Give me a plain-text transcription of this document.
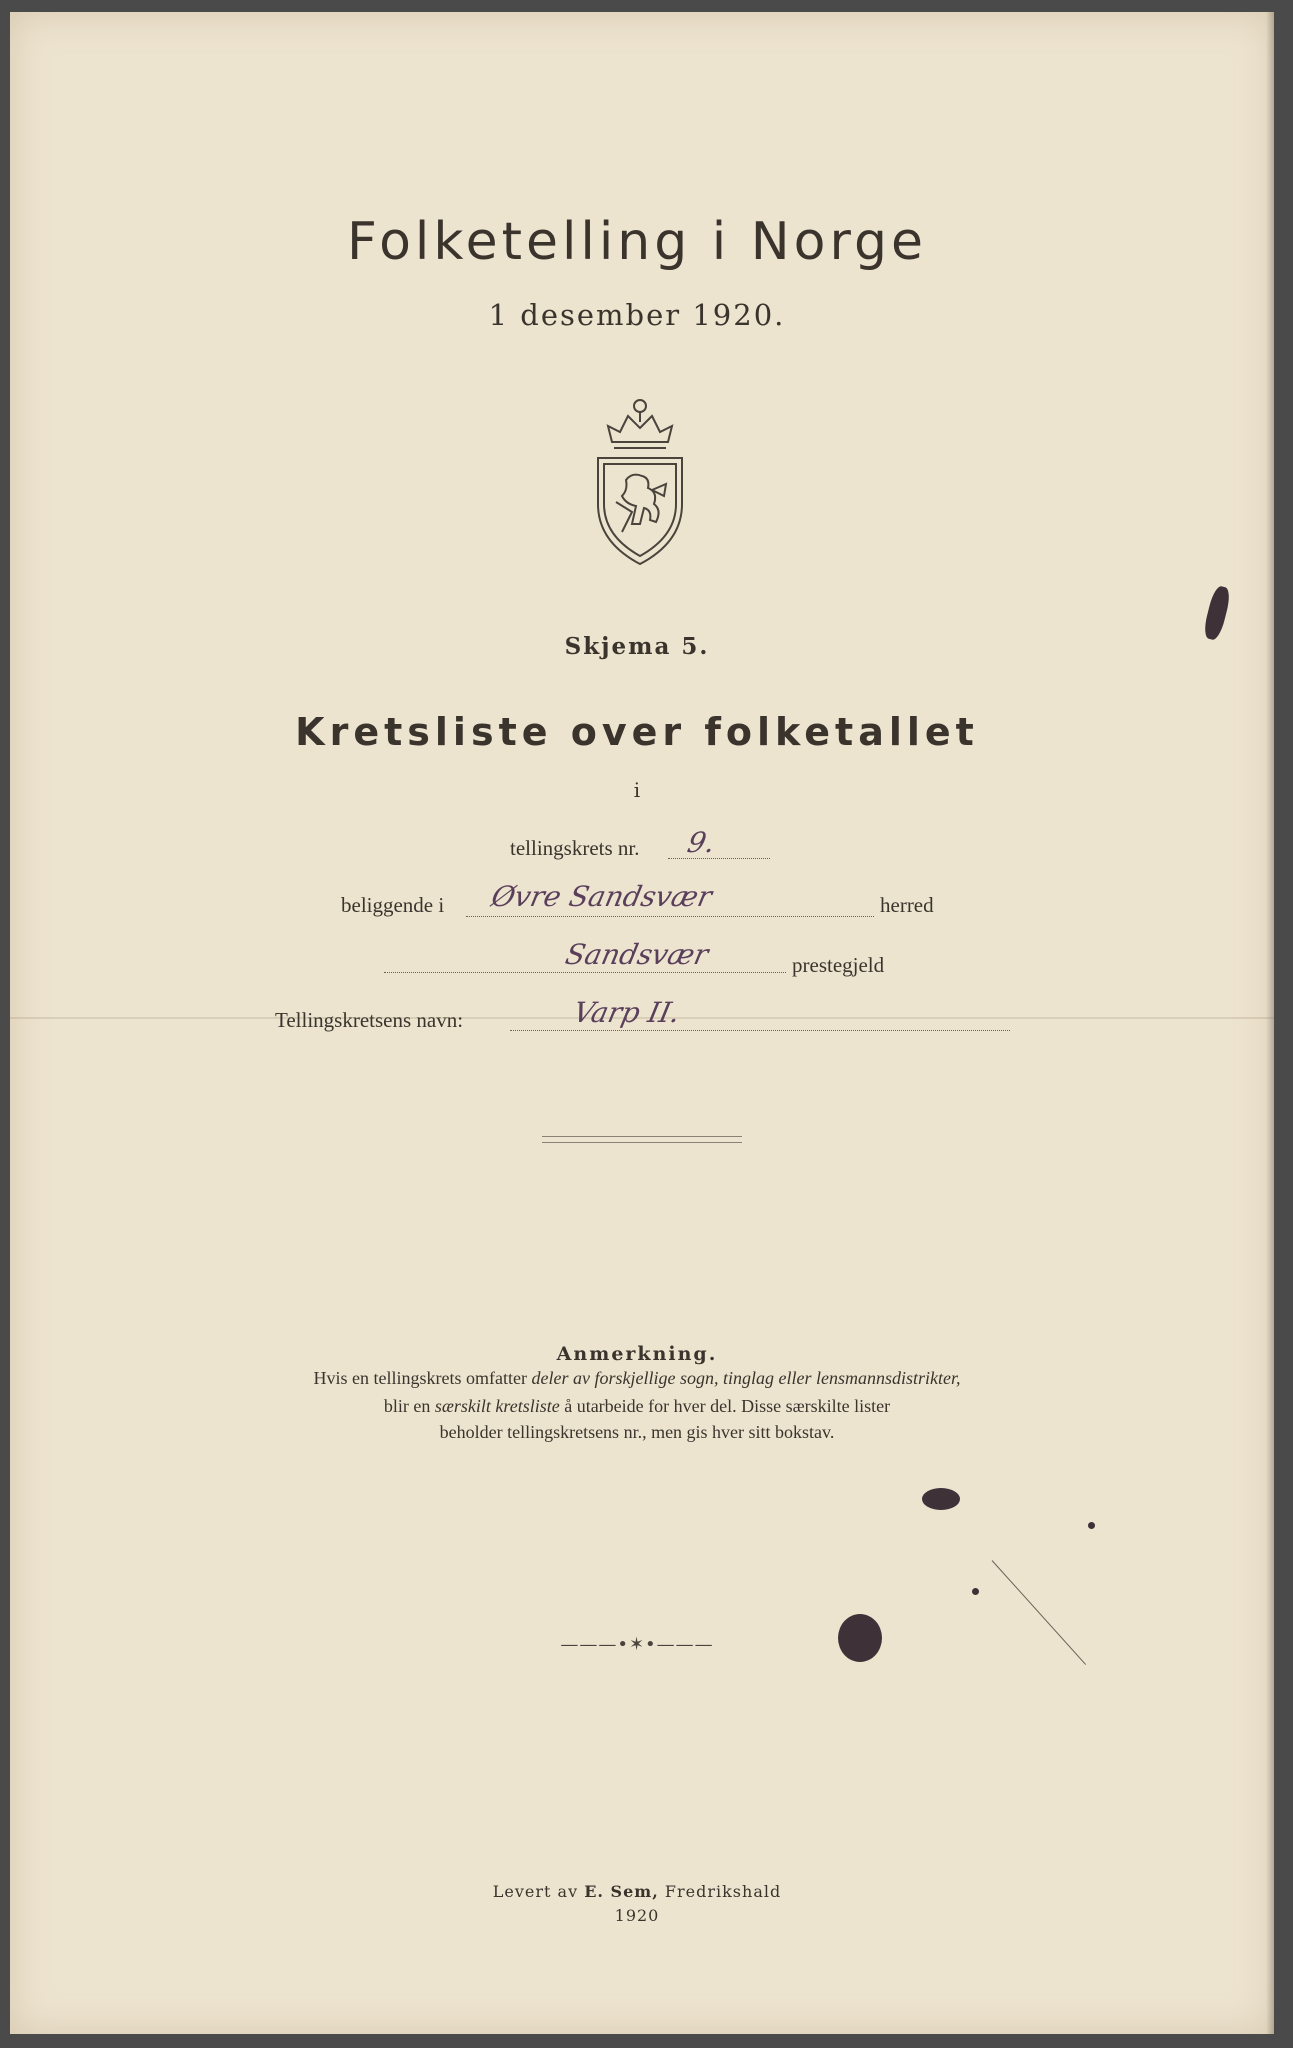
Folketelling i Norge
1 desember 1920.
Skjema 5.
Kretsliste over folketallet
i
tellingskrets nr. 9.
beliggende i Øvre Sandsvær	herred
Sandsvær	prestegjeld
Tellingskretsens navn:	Varp II.
Anmerkning.
Hvis en tellingskrets omfatter deler av forskjellige sogn, tinglag eller lensmannsdistrikter,
blir en særskilt kretsliste å utarbeide for hver del. Disse særskilte lister
beholder tellingskretsens nr., men gis hver sitt bokstav.
———•✶•———
Levert av E. Sem, Fredrikshald
1920
